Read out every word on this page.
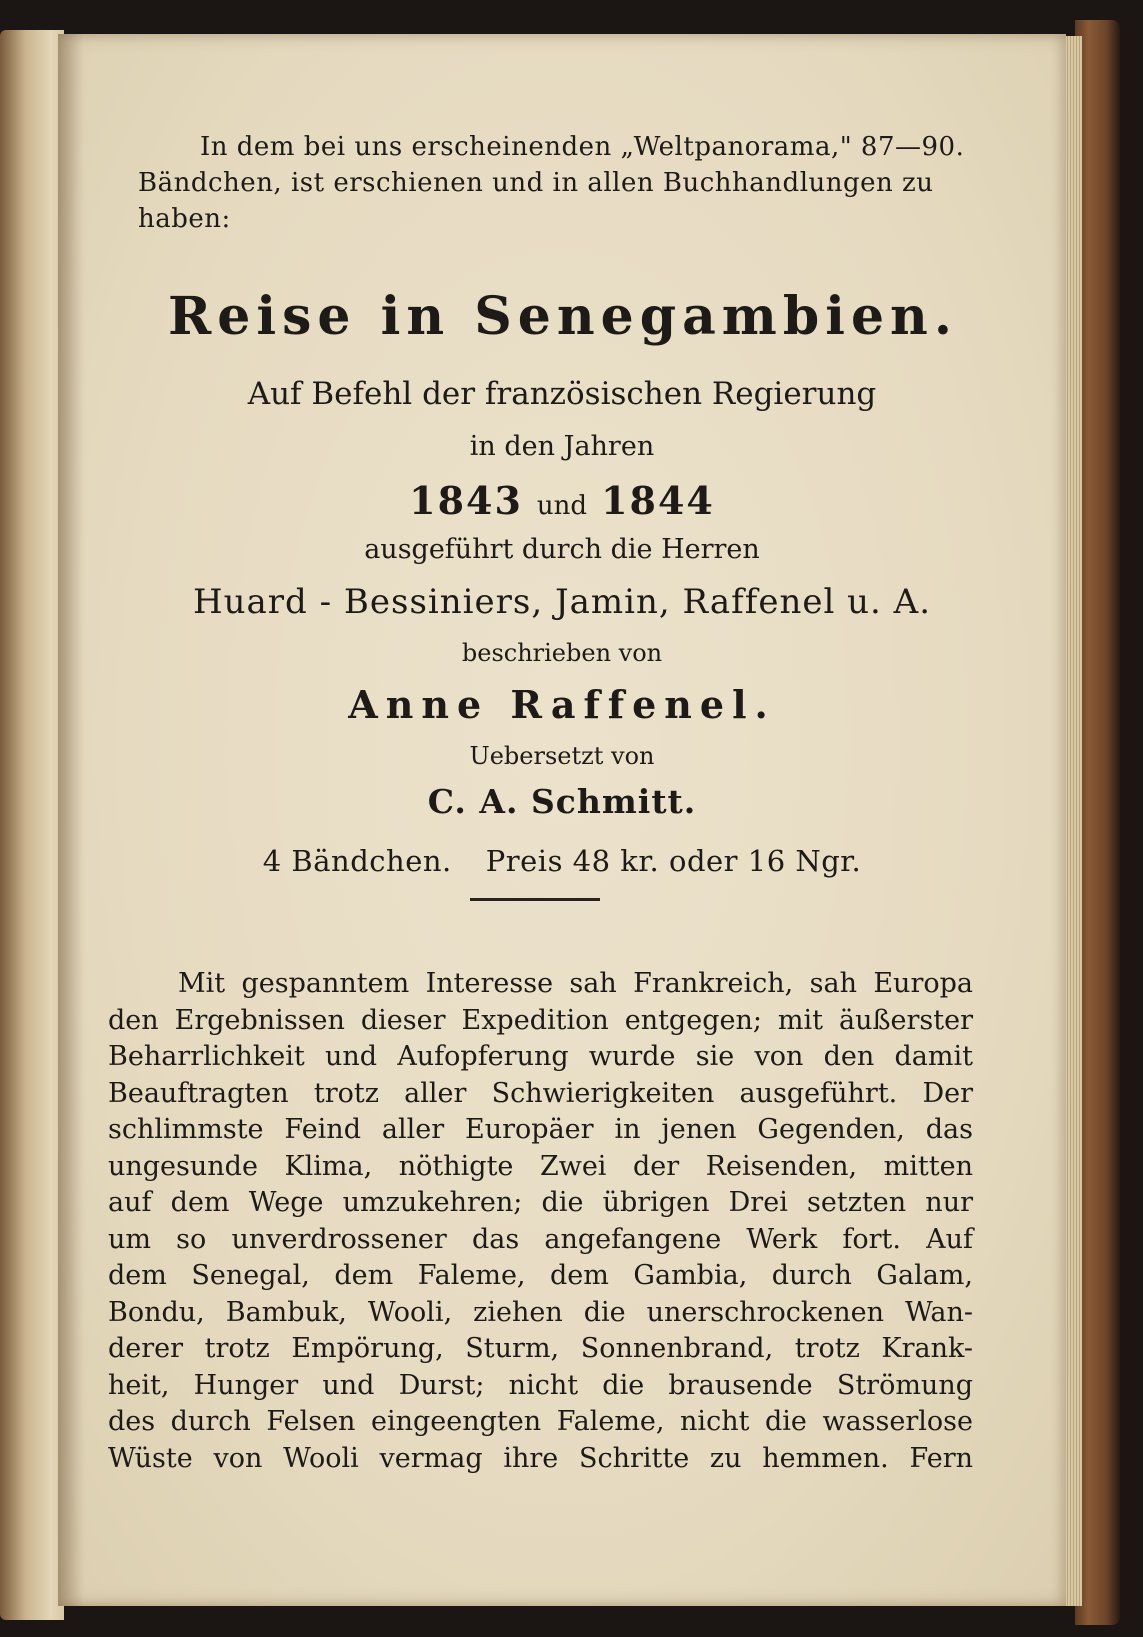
In dem bei uns erscheinenden „Weltpanorama," 87—90. Bändchen, ist erschienen und in allen Buchhandlungen zu haben:

Reise in Senegambien.
Auf Befehl der französischen Regierung
in den Jahren
1843 und 1844
ausgeführt durch die Herren
Huard - Bessiniers, Jamin, Raffenel u. A.
beschrieben von
Anne Raffenel.
Uebersetzt von
C. A. Schmitt.
4 Bändchen. Preis 48 kr. oder 16 Ngr.
Mit gespanntem Interesse sah Frankreich, sah Europa
den Ergebnissen dieser Expedition entgegen; mit äußerster
Beharrlichkeit und Aufopferung wurde sie von den damit
Beauftragten trotz aller Schwierigkeiten ausgeführt. Der
schlimmste Feind aller Europäer in jenen Gegenden, das
ungesunde Klima, nöthigte Zwei der Reisenden, mitten
auf dem Wege umzukehren; die übrigen Drei setzten nur
um so unverdrossener das angefangene Werk fort. Auf
dem Senegal, dem Faleme, dem Gambia, durch Galam,
Bondu, Bambuk, Wooli, ziehen die unerschrockenen Wan-
derer trotz Empörung, Sturm, Sonnenbrand, trotz Krank-
heit, Hunger und Durst; nicht die brausende Strömung
des durch Felsen eingeengten Faleme, nicht die wasserlose
Wüste von Wooli vermag ihre Schritte zu hemmen. Fern
